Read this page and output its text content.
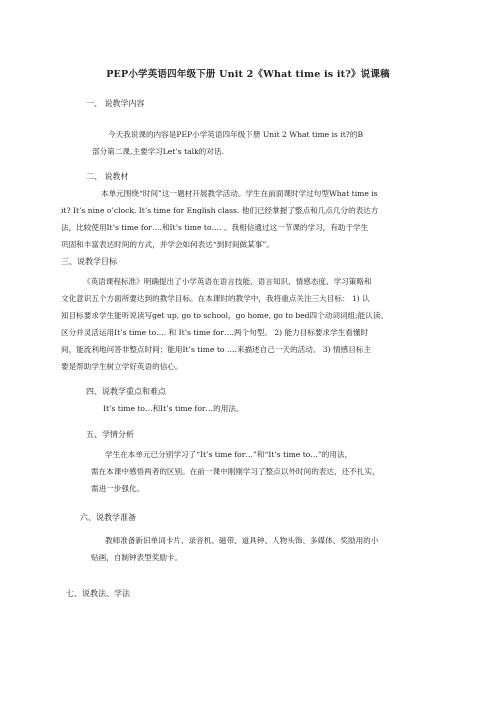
PEP小学英语四年级下册 Unit 2《What time is it?》说课稿
一、 说教学内容
今天我说课的内容是PEP小学英语四年级下册 Unit 2 What time is it?的B
部分第二课,主要学习Let’s talk的对话.
二、 说教材
本单元围绕“时间”这一题材开展教学活动。学生在前面课时学过句型What time is
it? It’s nine o’clock. It’s time for English class. 他们已经掌握了整点和几点几分的表达方
法，比较使用It’s time for….和It’s time to…. 。我相信通过这一节课的学习，有助于学生
巩固和丰富表达时间的方式，并学会如何表达“到时间做某事”。
三、说教学目标
《英语课程标准》明确提出了小学英语在语言技能、语言知识、情感态度、学习策略和
文化意识五个方面所要达到的教学目标。在本课时的教学中，我将重点关注三大目标： 1) 认
知目标要求学生能听说读写get up, go to school，go home, go to bed四个动词词组;能认读、
区分并灵活运用It’s time to…. 和 It’s time for….两个句型。 2) 能力目标要求学生看懂时
间，能流利地问答非整点时间；能用It’s time to ….来描述自己一天的活动。 3) 情感目标主
要是帮助学生树立学好英语的信心。
四、说教学重点和难点
It’s time to…和It’s time for…的用法。
五、学情分析
学生在本单元已分别学习了“It’s time for…”和“It’s time to…”的用法，
需在本课中感悟两者的区别。在前一课中刚刚学习了整点以外时间的表达，还不扎实，
需进一步强化。
六、说教学准备
教师准备新旧单词卡片、录音机、磁带、道具钟、人物头饰、多媒体、奖励用的小
贴画，自制钟表型奖励卡。
七、说教法、学法
